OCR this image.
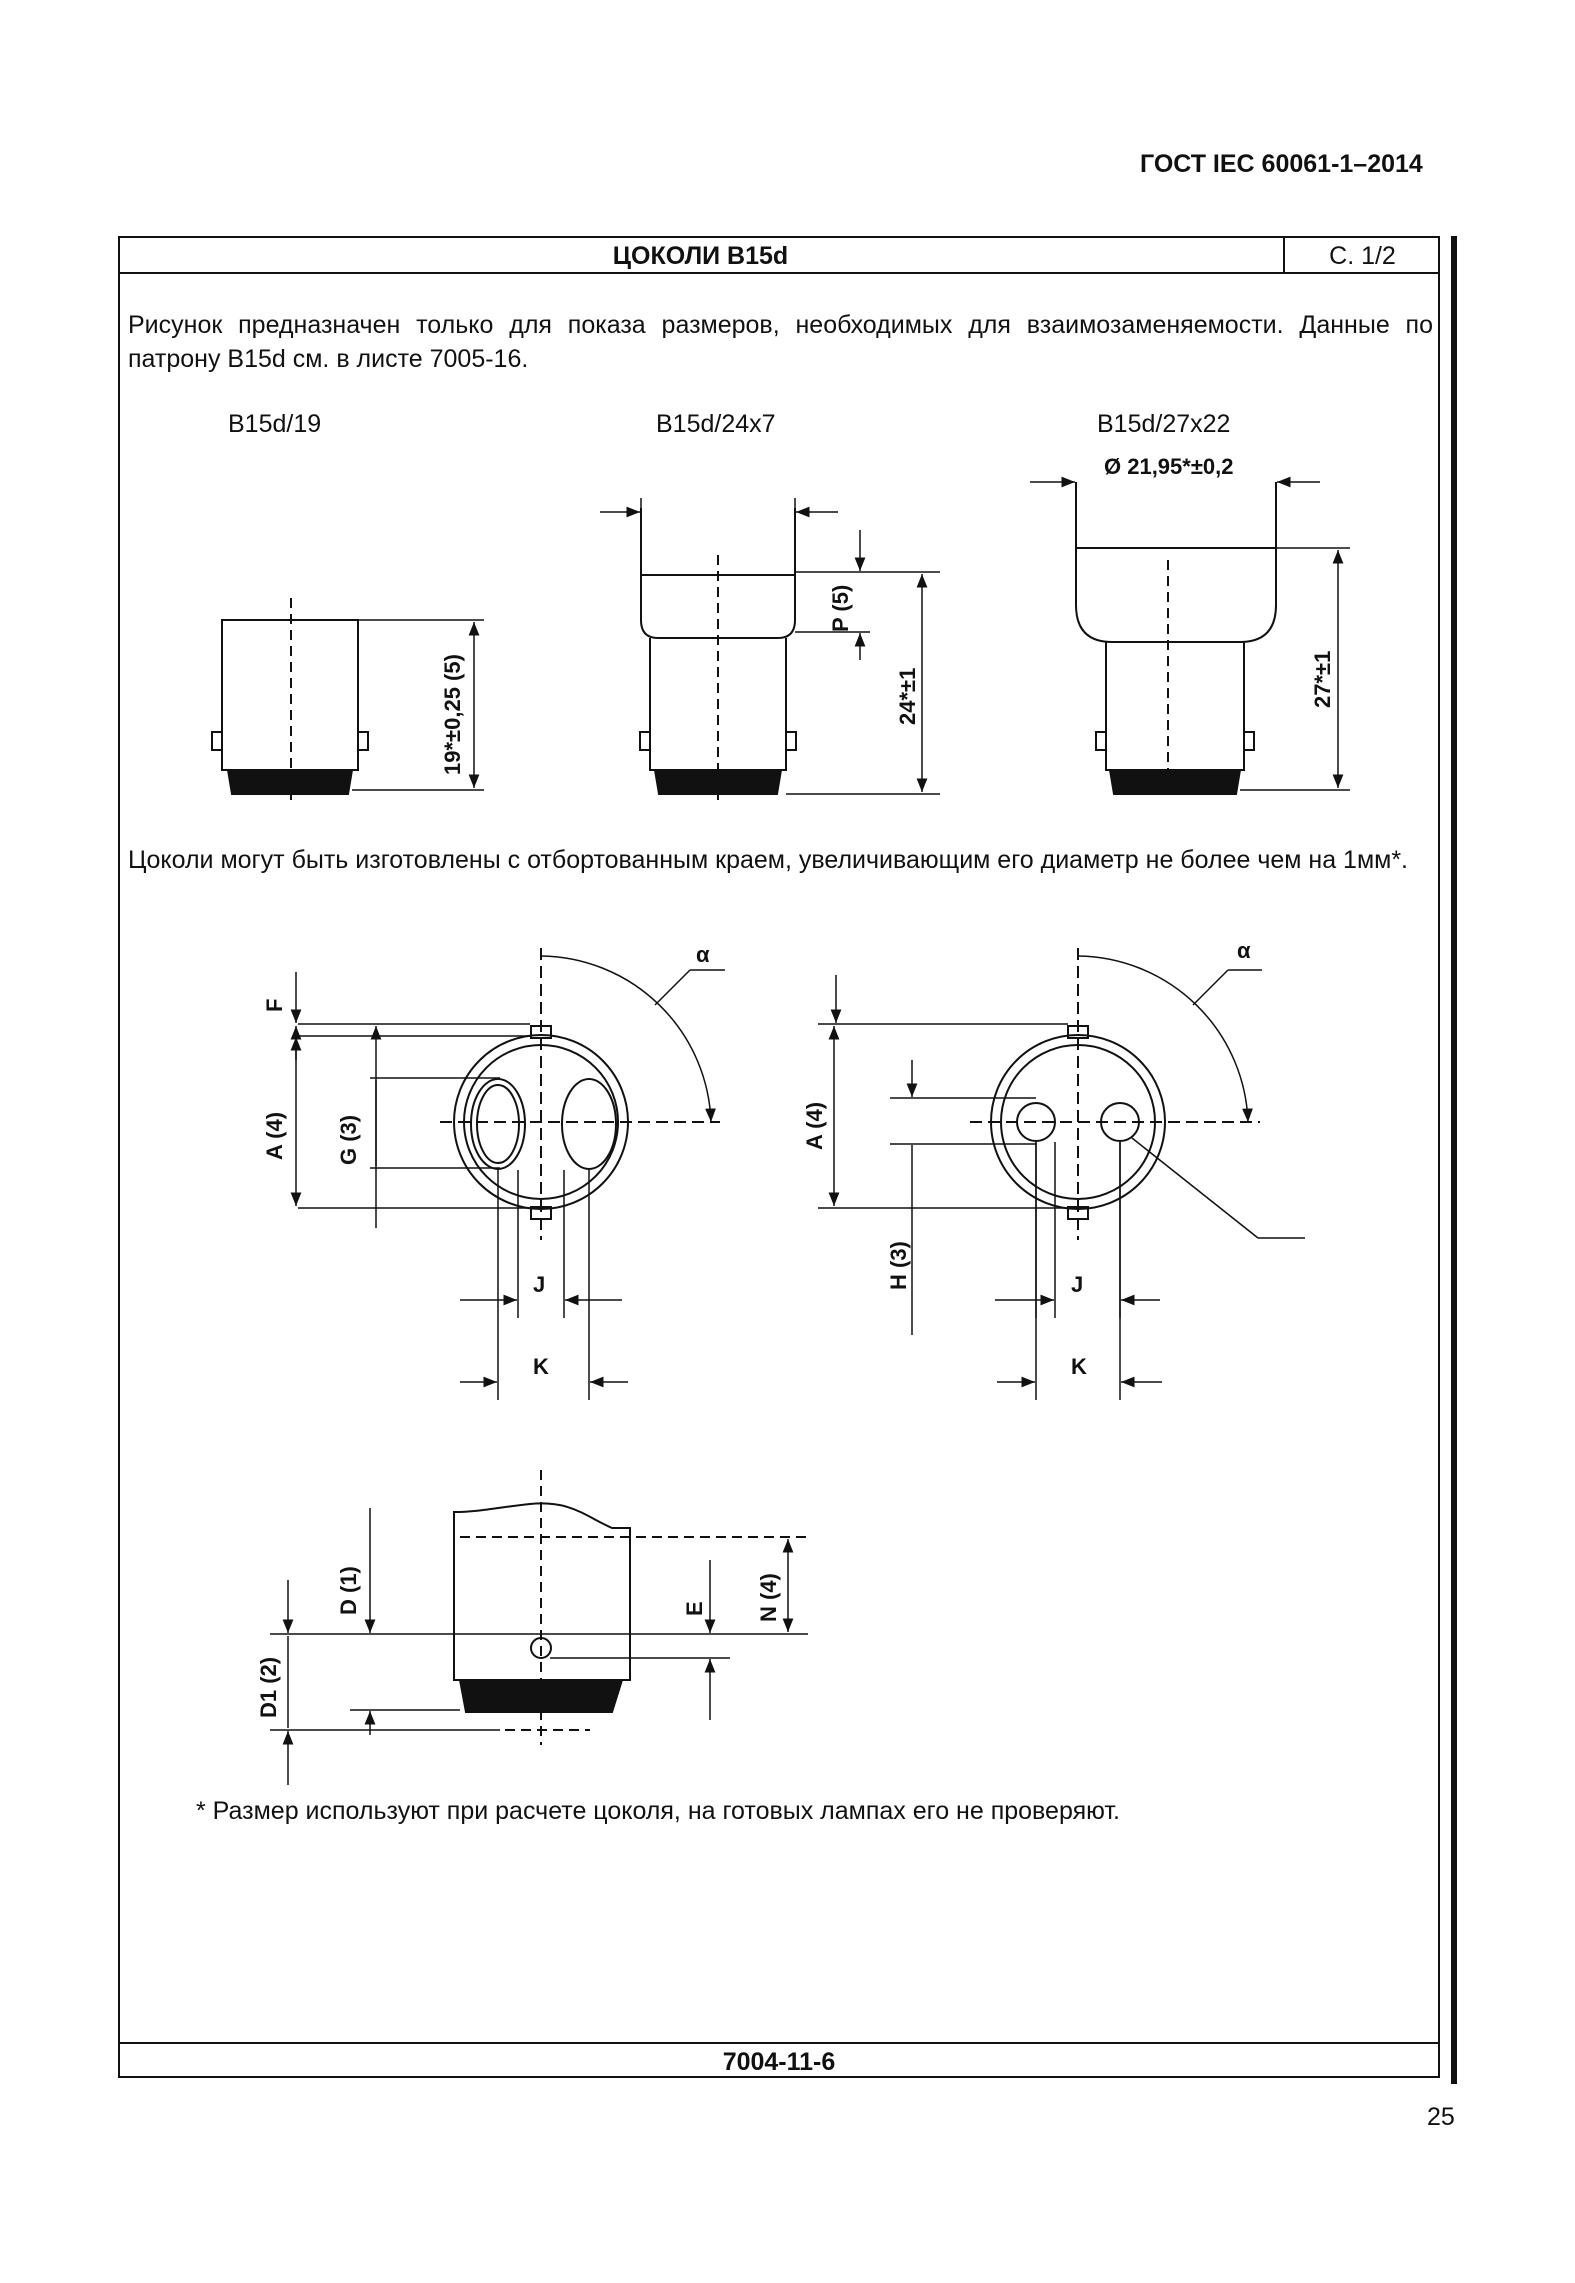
ГОСТ IEC 60061-1–2014
ЦОКОЛИ B15d	С. 1/2
Рисунок предназначен только для показа размеров, необходимых для взаимозаменяемости. Данные по патрону B15d см. в листе 7005-16.
B15d/19	B15d/24x7	B15d/27x22
Цоколи могут быть изготовлены с отбортованным краем, увеличивающим его диаметр не более чем на 1мм*.
19*±0,25 (5)
P (5)
24*±1
Ø 21,95*±0,2
27*±1
α
F
A (4) G (3)
J
K
α
A (4)
H (3)	J
K
D (1)
D1 (2)
E N (4)
* Размер используют при расчете цоколя, на готовых лампах его не проверяют.
7004-11-6
25
